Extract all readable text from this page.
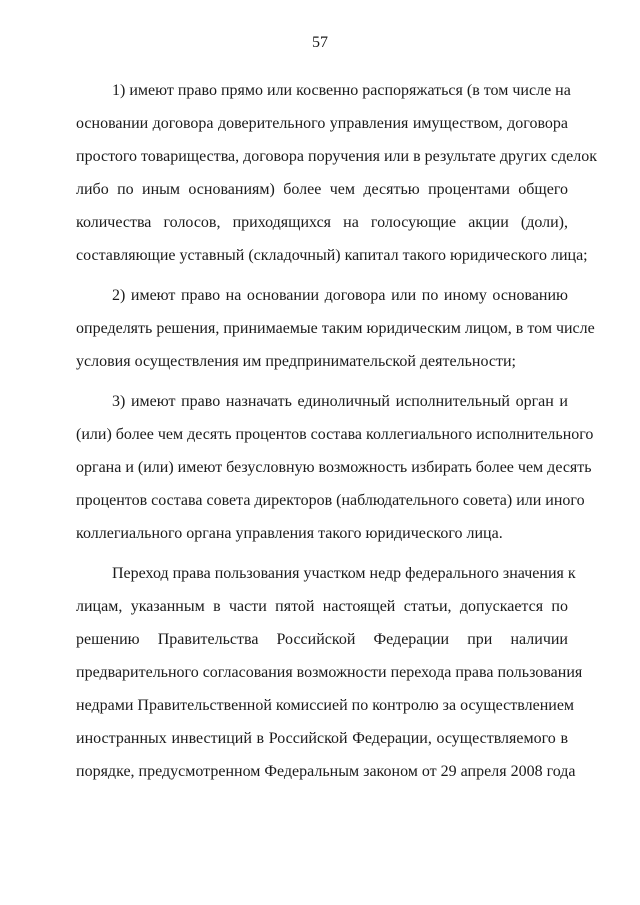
57
1) имеют право прямо или косвенно распоряжаться (в том числе на
основании договора доверительного управления имуществом, договора
простого товарищества, договора поручения или в результате других сделок
либо по иным основаниям) более чем десятью процентами общего
количества голосов, приходящихся на голосующие акции (доли),
составляющие уставный (складочный) капитал такого юридического лица;
2) имеют право на основании договора или по иному основанию
определять решения, принимаемые таким юридическим лицом, в том числе
условия осуществления им предпринимательской деятельности;
3) имеют право назначать единоличный исполнительный орган и
(или) более чем десять процентов состава коллегиального исполнительного
органа и (или) имеют безусловную возможность избирать более чем десять
процентов состава совета директоров (наблюдательного совета) или иного
коллегиального органа управления такого юридического лица.
Переход права пользования участком недр федерального значения к
лицам, указанным в части пятой настоящей статьи, допускается по
решению Правительства Российской Федерации при наличии
предварительного согласования возможности перехода права пользования
недрами Правительственной комиссией по контролю за осуществлением
иностранных инвестиций в Российской Федерации, осуществляемого в
порядке, предусмотренном Федеральным законом от 29 апреля 2008 года
